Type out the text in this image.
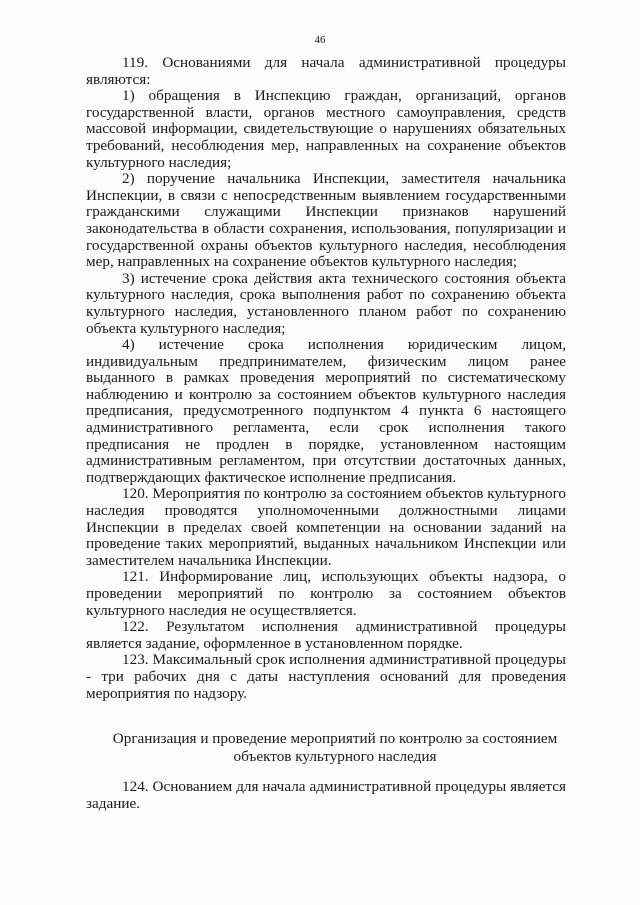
46

119. Основаниями для начала административной процедуры являются:

1) обращения в Инспекцию граждан, организаций, органов государственной власти, органов местного самоуправления, средств массовой информации, свидетельствующие о нарушениях обязательных требований, несоблюдения мер, направленных на сохранение объектов культурного наследия;

2) поручение начальника Инспекции, заместителя начальника Инспекции, в связи с непосредственным выявлением государственными гражданскими служащими Инспекции признаков нарушений законодательства в области сохранения, использования, популяризации и государственной охраны объектов культурного наследия, несоблюдения мер, направленных на сохранение объектов культурного наследия;

3) истечение срока действия акта технического состояния объекта культурного наследия, срока выполнения работ по сохранению объекта культурного наследия, установленного планом работ по сохранению объекта культурного наследия;

4) истечение срока исполнения юридическим лицом, индивидуальным предпринимателем, физическим лицом ранее выданного в рамках проведения мероприятий по систематическому наблюдению и контролю за состоянием объектов культурного наследия предписания, предусмотренного подпунктом 4 пункта 6 настоящего административного регламента, если срок исполнения такого предписания не продлен в порядке, установленном настоящим административным регламентом, при отсутствии достаточных данных, подтверждающих фактическое исполнение предписания.

120. Мероприятия по контролю за состоянием объектов культурного наследия проводятся уполномоченными должностными лицами Инспекции в пределах своей компетенции на основании заданий на проведение таких мероприятий, выданных начальником Инспекции или заместителем начальника Инспекции.

121. Информирование лиц, использующих объекты надзора, о проведении мероприятий по контролю за состоянием объектов культурного наследия не осуществляется.

122. Результатом исполнения административной процедуры является задание, оформленное в установленном порядке.

123. Максимальный срок исполнения административной процедуры - три рабочих дня с даты наступления оснований для проведения мероприятия по надзору.

Организация и проведение мероприятий по контролю за состоянием объектов культурного наследия

124. Основанием для начала административной процедуры является задание.
